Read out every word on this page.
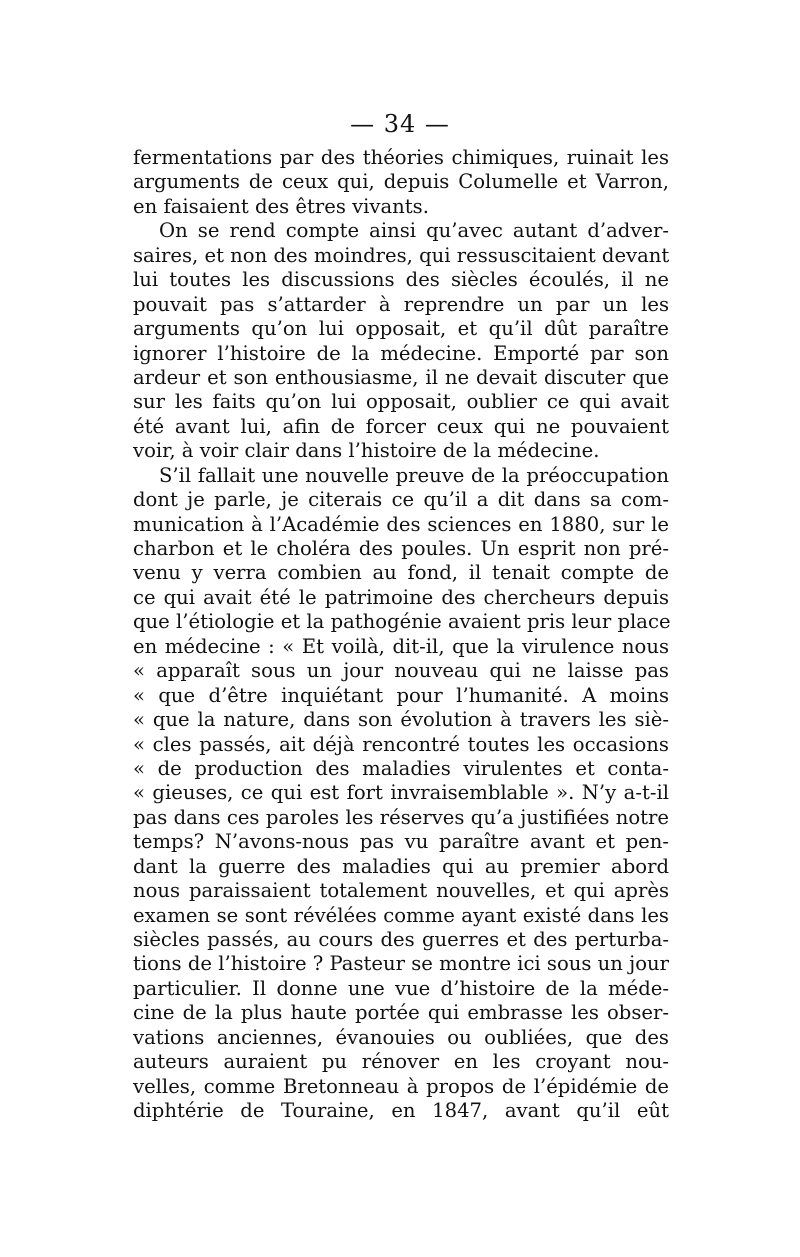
— 34 —
fermentations par des théories chimiques, ruinait les
arguments de ceux qui, depuis Columelle et Varron,
en faisaient des êtres vivants.
On se rend compte ainsi qu’avec autant d’adver-
saires, et non des moindres, qui ressuscitaient devant
lui toutes les discussions des siècles écoulés, il ne
pouvait pas s’attarder à reprendre un par un les
arguments qu’on lui opposait, et qu’il dût paraître
ignorer l’histoire de la médecine. Emporté par son
ardeur et son enthousiasme, il ne devait discuter que
sur les faits qu’on lui opposait, oublier ce qui avait
été avant lui, afin de forcer ceux qui ne pouvaient
voir, à voir clair dans l’histoire de la médecine.
S’il fallait une nouvelle preuve de la préoccupation
dont je parle, je citerais ce qu’il a dit dans sa com-
munication à l’Académie des sciences en 1880, sur le
charbon et le choléra des poules. Un esprit non pré-
venu y verra combien au fond, il tenait compte de
ce qui avait été le patrimoine des chercheurs depuis
que l’étiologie et la pathogénie avaient pris leur place
en médecine : « Et voilà, dit-il, que la virulence nous
« apparaît sous un jour nouveau qui ne laisse pas
« que d’être inquiétant pour l’humanité. A moins
« que la nature, dans son évolution à travers les siè-
« cles passés, ait déjà rencontré toutes les occasions
« de production des maladies virulentes et conta-
« gieuses, ce qui est fort invraisemblable ». N’y a-t-il
pas dans ces paroles les réserves qu’a justifiées notre
temps? N’avons-nous pas vu paraître avant et pen-
dant la guerre des maladies qui au premier abord
nous paraissaient totalement nouvelles, et qui après
examen se sont révélées comme ayant existé dans les
siècles passés, au cours des guerres et des perturba-
tions de l’histoire ? Pasteur se montre ici sous un jour
particulier. Il donne une vue d’histoire de la méde-
cine de la plus haute portée qui embrasse les obser-
vations anciennes, évanouies ou oubliées, que des
auteurs auraient pu rénover en les croyant nou-
velles, comme Bretonneau à propos de l’épidémie de
diphtérie de Touraine, en 1847, avant qu’il eût
